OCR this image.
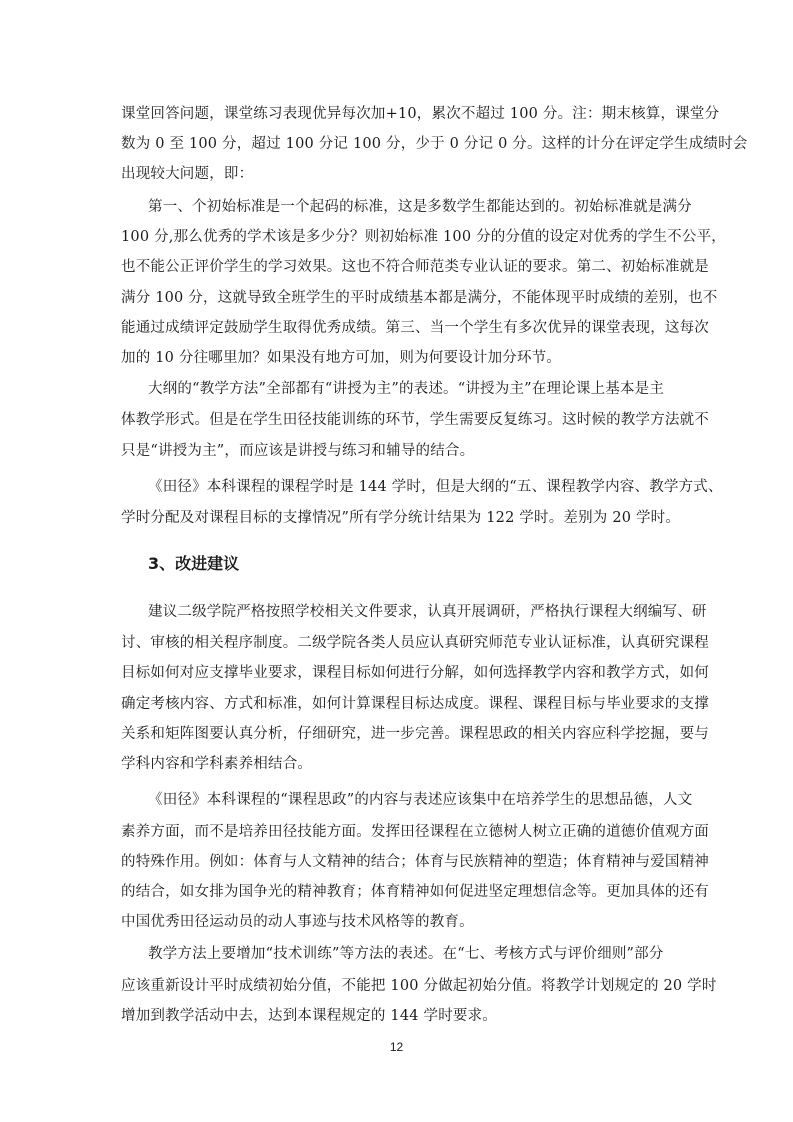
课堂回答问题，课堂练习表现优异每次加+10，累次不超过 100 分。注：期末核算，课堂分
数为 0 至 100 分，超过 100 分记 100 分，少于 0 分记 0 分。这样的计分在评定学生成绩时会
出现较大问题，即：
第一、个初始标准是一个起码的标准，这是多数学生都能达到的。初始标准就是满分
100 分,那么优秀的学术该是多少分？则初始标准 100 分的分值的设定对优秀的学生不公平，
也不能公正评价学生的学习效果。这也不符合师范类专业认证的要求。第二、初始标准就是
满分 100 分，这就导致全班学生的平时成绩基本都是满分，不能体现平时成绩的差别，也不
能通过成绩评定鼓励学生取得优秀成绩。第三、当一个学生有多次优异的课堂表现，这每次
加的 10 分往哪里加？如果没有地方可加，则为何要设计加分环节。
大纲的“教学方法”全部都有“讲授为主”的表述。“讲授为主”在理论课上基本是主
体教学形式。但是在学生田径技能训练的环节，学生需要反复练习。这时候的教学方法就不
只是“讲授为主”，而应该是讲授与练习和辅导的结合。
《田径》本科课程的课程学时是 144 学时，但是大纲的“五、课程教学内容、教学方式、
学时分配及对课程目标的支撑情况”所有学分统计结果为 122 学时。差别为 20 学时。
3、改进建议
建议二级学院严格按照学校相关文件要求，认真开展调研，严格执行课程大纲编写、研
讨、审核的相关程序制度。二级学院各类人员应认真研究师范专业认证标准，认真研究课程
目标如何对应支撑毕业要求，课程目标如何进行分解，如何选择教学内容和教学方式，如何
确定考核内容、方式和标准，如何计算课程目标达成度。课程、课程目标与毕业要求的支撑
关系和矩阵图要认真分析，仔细研究，进一步完善。课程思政的相关内容应科学挖掘，要与
学科内容和学科素养相结合。
《田径》本科课程的“课程思政”的内容与表述应该集中在培养学生的思想品德，人文
素养方面，而不是培养田径技能方面。发挥田径课程在立德树人树立正确的道德价值观方面
的特殊作用。例如：体育与人文精神的结合；体育与民族精神的塑造；体育精神与爱国精神
的结合，如女排为国争光的精神教育；体育精神如何促进坚定理想信念等。更加具体的还有
中国优秀田径运动员的动人事迹与技术风格等的教育。
教学方法上要增加“技术训练”等方法的表述。在“七、考核方式与评价细则”部分
应该重新设计平时成绩初始分值，不能把 100 分做起初始分值。将教学计划规定的 20 学时
增加到教学活动中去，达到本课程规定的 144 学时要求。
12
